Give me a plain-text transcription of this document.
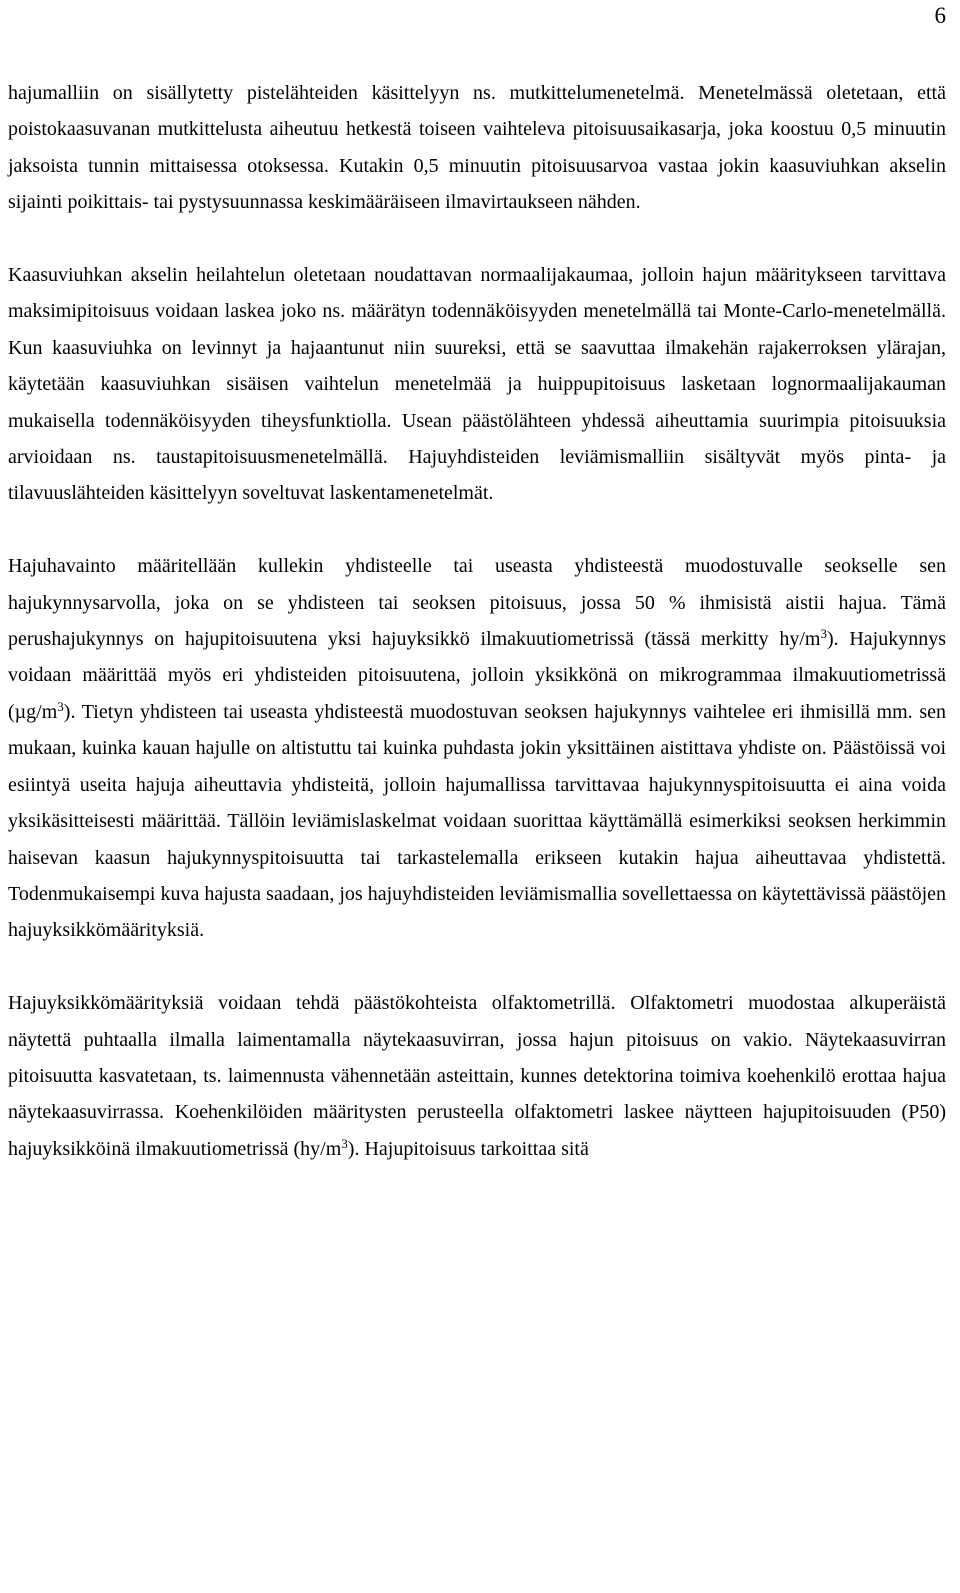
6

hajumalliin on sisällytetty pistelähteiden käsittelyyn ns. mutkittelumenetelmä. Menetelmässä oletetaan, että poistokaasuvanan mutkittelusta aiheutuu hetkestä toiseen vaihteleva pitoisuusaikasarja, joka koostuu 0,5 minuutin jaksoista tunnin mittaisessa otoksessa. Kutakin 0,5 minuutin pitoisuusarvoa vastaa jokin kaasuviuhkan akselin sijainti poikittais- tai pystysuunnassa keskimääräiseen ilmavirtaukseen nähden.

Kaasuviuhkan akselin heilahtelun oletetaan noudattavan normaalijakaumaa, jolloin hajun määritykseen tarvittava maksimipitoisuus voidaan laskea joko ns. määrätyn todennäköisyyden menetelmällä tai Monte-Carlo-menetelmällä. Kun kaasuviuhka on levinnyt ja hajaantunut niin suureksi, että se saavuttaa ilmakehän rajakerroksen ylärajan, käytetään kaasuviuhkan sisäisen vaihtelun menetelmää ja huippupitoisuus lasketaan lognormaalijakauman mukaisella todennäköisyyden tiheysfunktiolla. Usean päästölähteen yhdessä aiheuttamia suurimpia pitoisuuksia arvioidaan ns. taustapitoisuusmenetelmällä. Hajuyhdisteiden leviämismalliin sisältyvät myös pinta- ja tilavuuslähteiden käsittelyyn soveltuvat laskentamenetelmät.

Hajuhavainto määritellään kullekin yhdisteelle tai useasta yhdisteestä muodostuvalle seokselle sen hajukynnysarvolla, joka on se yhdisteen tai seoksen pitoisuus, jossa 50 % ihmisistä aistii hajua. Tämä perushajukynnys on hajupitoisuutena yksi hajuyksikkö ilmakuutiometrissä (tässä merkitty $hy/m^3$). Hajukynnys voidaan määrittää myös eri yhdisteiden pitoisuutena, jolloin yksikkönä on mikrogrammaa ilmakuutiometrissä $(\mu g/m^3)$. Tietyn yhdisteen tai useasta yhdisteestä muodostuvan seoksen hajukynnys vaihtelee eri ihmisillä mm. sen mukaan, kuinka kauan hajulle on altistuttu tai kuinka puhdasta jokin yksittäinen aistittava yhdiste on. Päästöissä voi esiintyä useita hajuja aiheuttavia yhdisteitä, jolloin hajumallissa tarvittavaa hajukynnyspitoisuutta ei aina voida yksikäsitteisesti määrittää. Tällöin leviämislaskelmat voidaan suorittaa käyttämällä esimerkiksi seoksen herkimmin haisevan kaasun hajukynnyspitoisuutta tai tarkastelemalla erikseen kutakin hajua aiheuttavaa yhdistettä. Todenmukaisempi kuva hajusta saadaan, jos hajuyhdisteiden leviämismallia sovellettaessa on käytettävissä päästöjen hajuyksikkömäärityksiä.

Hajuyksikkömäärityksiä voidaan tehdä päästökohteista olfaktometrillä. Olfaktometri muodostaa alkuperäistä näytettä puhtaalla ilmalla laimentamalla näytekaasuvirran, jossa hajun pitoisuus on vakio. Näytekaasuvirran pitoisuutta kasvatetaan, ts. laimennusta vähennetään asteittain, kunnes detektorina toimiva koehenkilö erottaa hajua näytekaasuvirrassa. Koehenkilöiden määritysten perusteella olfaktometri laskee näytteen hajupitoisuuden (P50) hajuyksikköinä ilmakuutiometrissä $(hy/m^3)$. Hajupitoisuus tarkoittaa sitä
